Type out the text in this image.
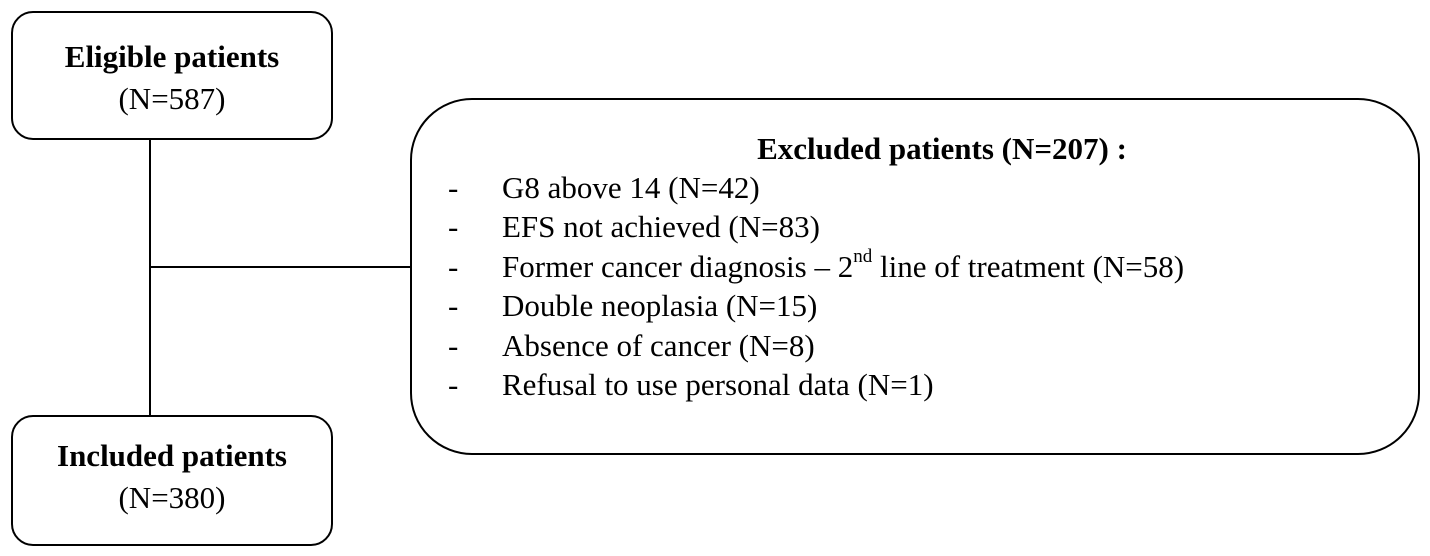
Eligible patients
(N=587)
Excluded patients (N=207) :
- G8 above 14 (N=42)
- EFS not achieved (N=83)
- Former cancer diagnosis – 2nd line of treatment (N=58)
- Double neoplasia (N=15)
- Absence of cancer (N=8)
- Refusal to use personal data (N=1)
Included patients
(N=380)
